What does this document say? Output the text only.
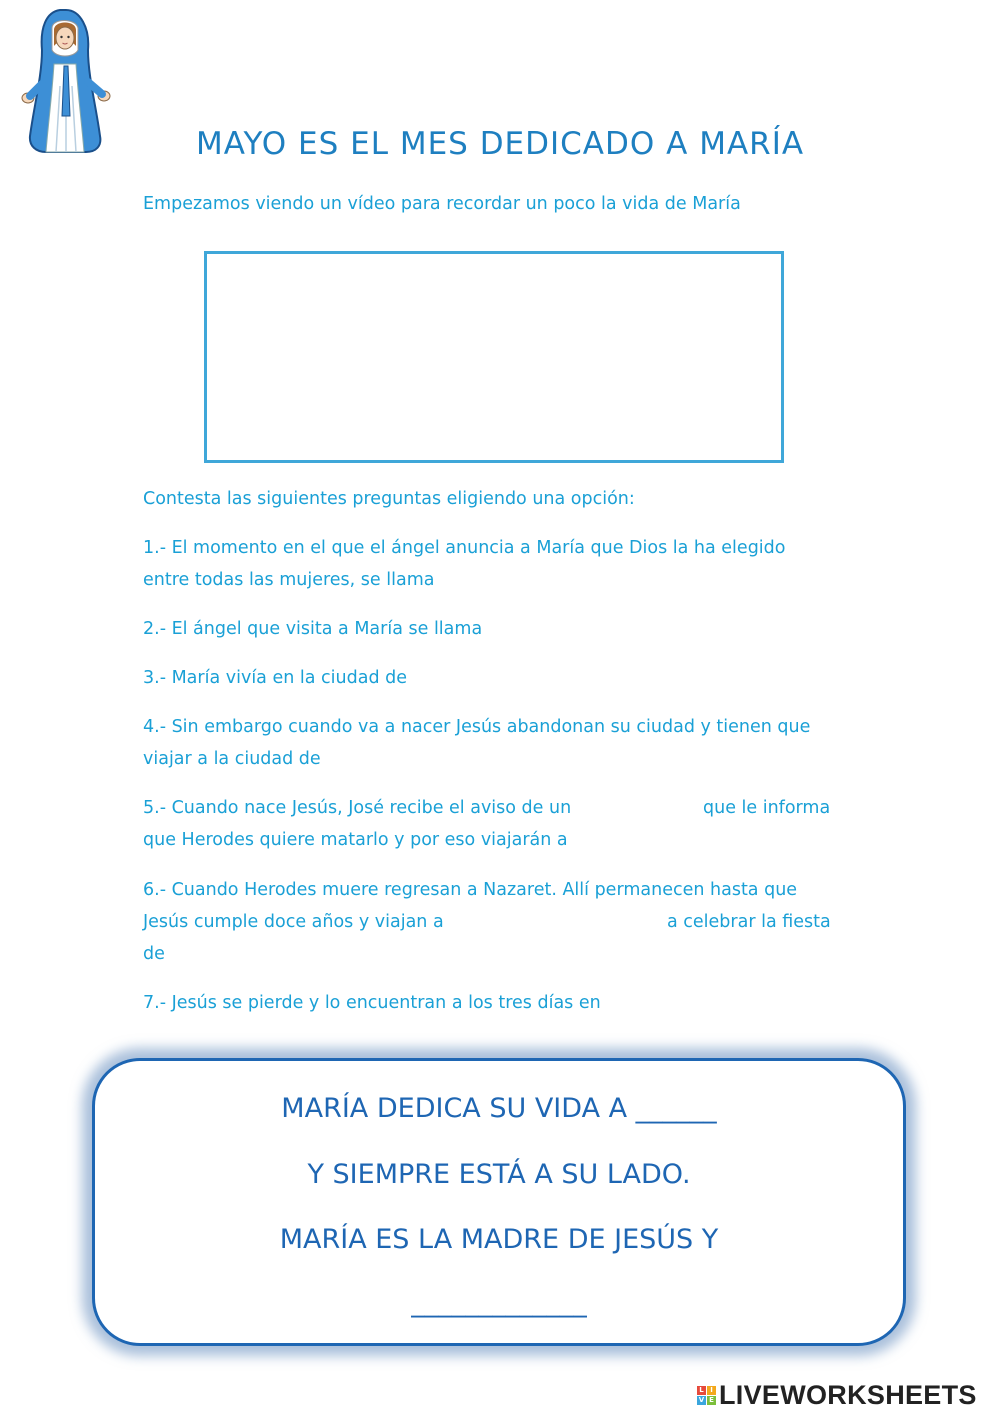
MAYO ES EL MES DEDICADO A MARÍA
Empezamos viendo un vídeo para recordar un poco la vida de María
Contesta las siguientes preguntas eligiendo una opción:
1.- El momento en el que el ángel anuncia a María que Dios la ha elegido
entre todas las mujeres, se llama
2.- El ángel que visita a María se llama
3.- María vivía en la ciudad de
4.- Sin embargo cuando va a nacer Jesús abandonan su ciudad y tienen que
viajar a la ciudad de
5.- Cuando nace Jesús, José recibe el aviso de un	que le informa
que Herodes quiere matarlo y por eso viajarán a
6.- Cuando Herodes muere regresan a Nazaret. Allí permanecen hasta que
Jesús cumple doce años y viajan a	a celebrar la fiesta
de
7.- Jesús se pierde y lo encuentran a los tres días en
MARÍA DEDICA SU VIDA A ______
Y SIEMPRE ESTÁ A SU LADO.
MARÍA ES LA MADRE DE JESÚS Y
_____________
L I
V E LIVEWORKSHEETS
